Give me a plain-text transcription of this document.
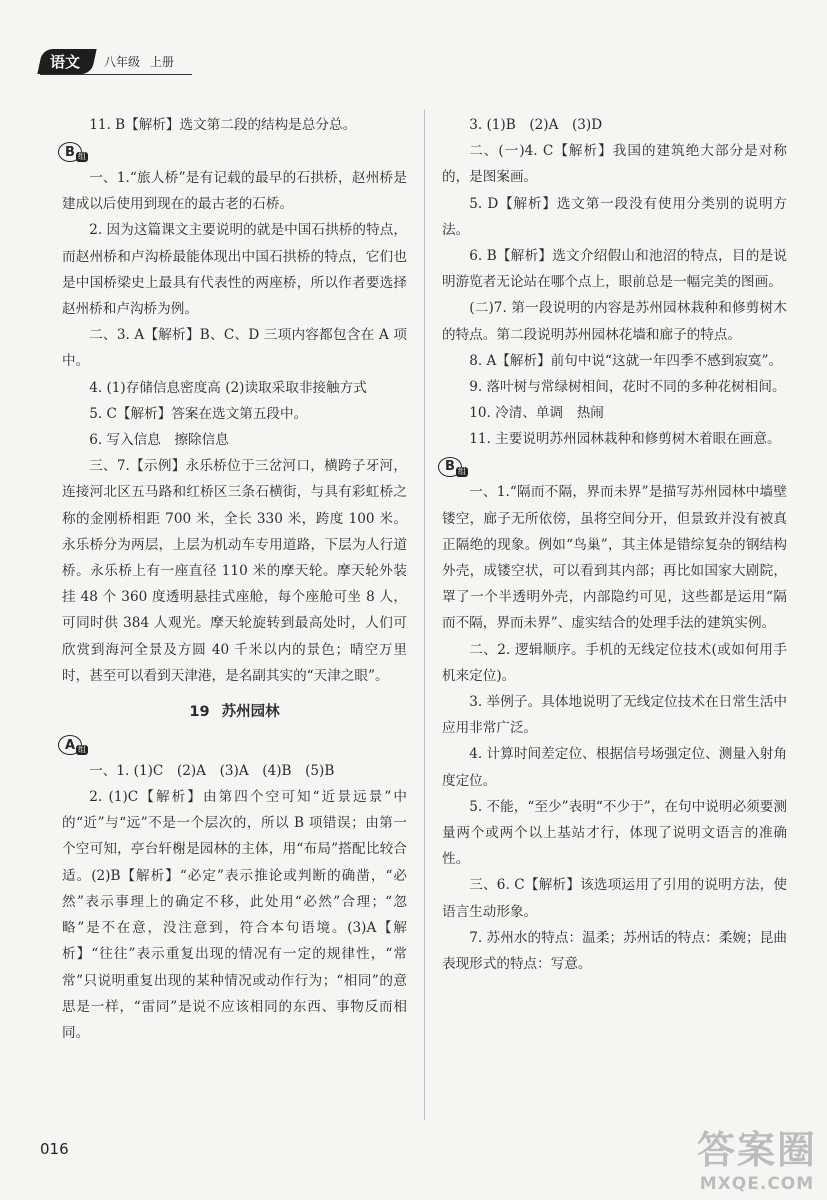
语文	八年级 上册

11. B【解析】选文第二段的结构是总分总。

B 组

一、1.“旅人桥”是有记载的最早的石拱桥，赵州桥是建成以后使用到现在的最古老的石桥。

2. 因为这篇课文主要说明的就是中国石拱桥的特点，而赵州桥和卢沟桥最能体现出中国石拱桥的特点，它们也是中国桥梁史上最具有代表性的两座桥，所以作者要选择赵州桥和卢沟桥为例。

二、3. A【解析】B、C、D 三项内容都包含在 A 项中。

4. (1)存储信息密度高 (2)读取采取非接触方式

5. C【解析】答案在选文第五段中。

6. 写入信息　擦除信息

三、7.【示例】永乐桥位于三岔河口，横跨子牙河，连接河北区五马路和红桥区三条石横街，与具有彩虹桥之称的金刚桥相距 700 米，全长 330 米，跨度 100 米。永乐桥分为两层，上层为机动车专用道路，下层为人行道桥。永乐桥上有一座直径 110 米的摩天轮。摩天轮外装挂 48 个 360 度透明悬挂式座舱，每个座舱可坐 8 人，可同时供 384 人观光。摩天轮旋转到最高处时，人们可欣赏到海河全景及方圆 40 千米以内的景色；晴空万里时，甚至可以看到天津港，是名副其实的“天津之眼”。

19 苏州园林
A 组

一、1. (1)C　(2)A　(3)A　(4)B　(5)B

2. (1)C【解析】由第四个空可知“近景远景”中的“近”与“远”不是一个层次的，所以 B 项错误；由第一个空可知，亭台轩榭是园林的主体，用“布局”搭配比较合适。(2)B【解析】“必定”表示推论或判断的确凿，“必然”表示事理上的确定不移，此处用“必然”合理；“忽略”是不在意，没注意到，符合本句语境。(3)A【解析】“往往”表示重复出现的情况有一定的规律性，“常常”只说明重复出现的某种情况或动作行为；“相同”的意思是一样，“雷同”是说不应该相同的东西、事物反而相同。

3. (1)B　(2)A　(3)D

二、(一)4. C【解析】我国的建筑绝大部分是对称的，是图案画。

5. D【解析】选文第一段没有使用分类别的说明方法。

6. B【解析】选文介绍假山和池沼的特点，目的是说明游览者无论站在哪个点上，眼前总是一幅完美的图画。

(二)7. 第一段说明的内容是苏州园林栽种和修剪树木的特点。第二段说明苏州园林花墙和廊子的特点。

8. A【解析】前句中说“这就一年四季不感到寂寞”。

9. 落叶树与常绿树相间，花时不同的多种花树相间。

10. 冷清、单调　热闹

11. 主要说明苏州园林栽种和修剪树木着眼在画意。

B 组

一、1.“隔而不隔，界而未界”是描写苏州园林中墙壁镂空，廊子无所依傍，虽将空间分开，但景致并没有被真正隔绝的现象。例如“鸟巢”，其主体是错综复杂的钢结构外壳，成镂空状，可以看到其内部；再比如国家大剧院，罩了一个半透明外壳，内部隐约可见，这些都是运用“隔而不隔，界而未界”、虚实结合的处理手法的建筑实例。

二、2. 逻辑顺序。手机的无线定位技术(或如何用手机来定位)。

3. 举例子。具体地说明了无线定位技术在日常生活中应用非常广泛。

4. 计算时间差定位、根据信号场强定位、测量入射角度定位。

5. 不能，“至少”表明“不少于”，在句中说明必须要测量两个或两个以上基站才行，体现了说明文语言的准确性。

三、6. C【解析】该选项运用了引用的说明方法，使语言生动形象。

7. 苏州水的特点：温柔；苏州话的特点：柔婉；昆曲表现形式的特点：写意。

016	答案圈
MXQE.COM
